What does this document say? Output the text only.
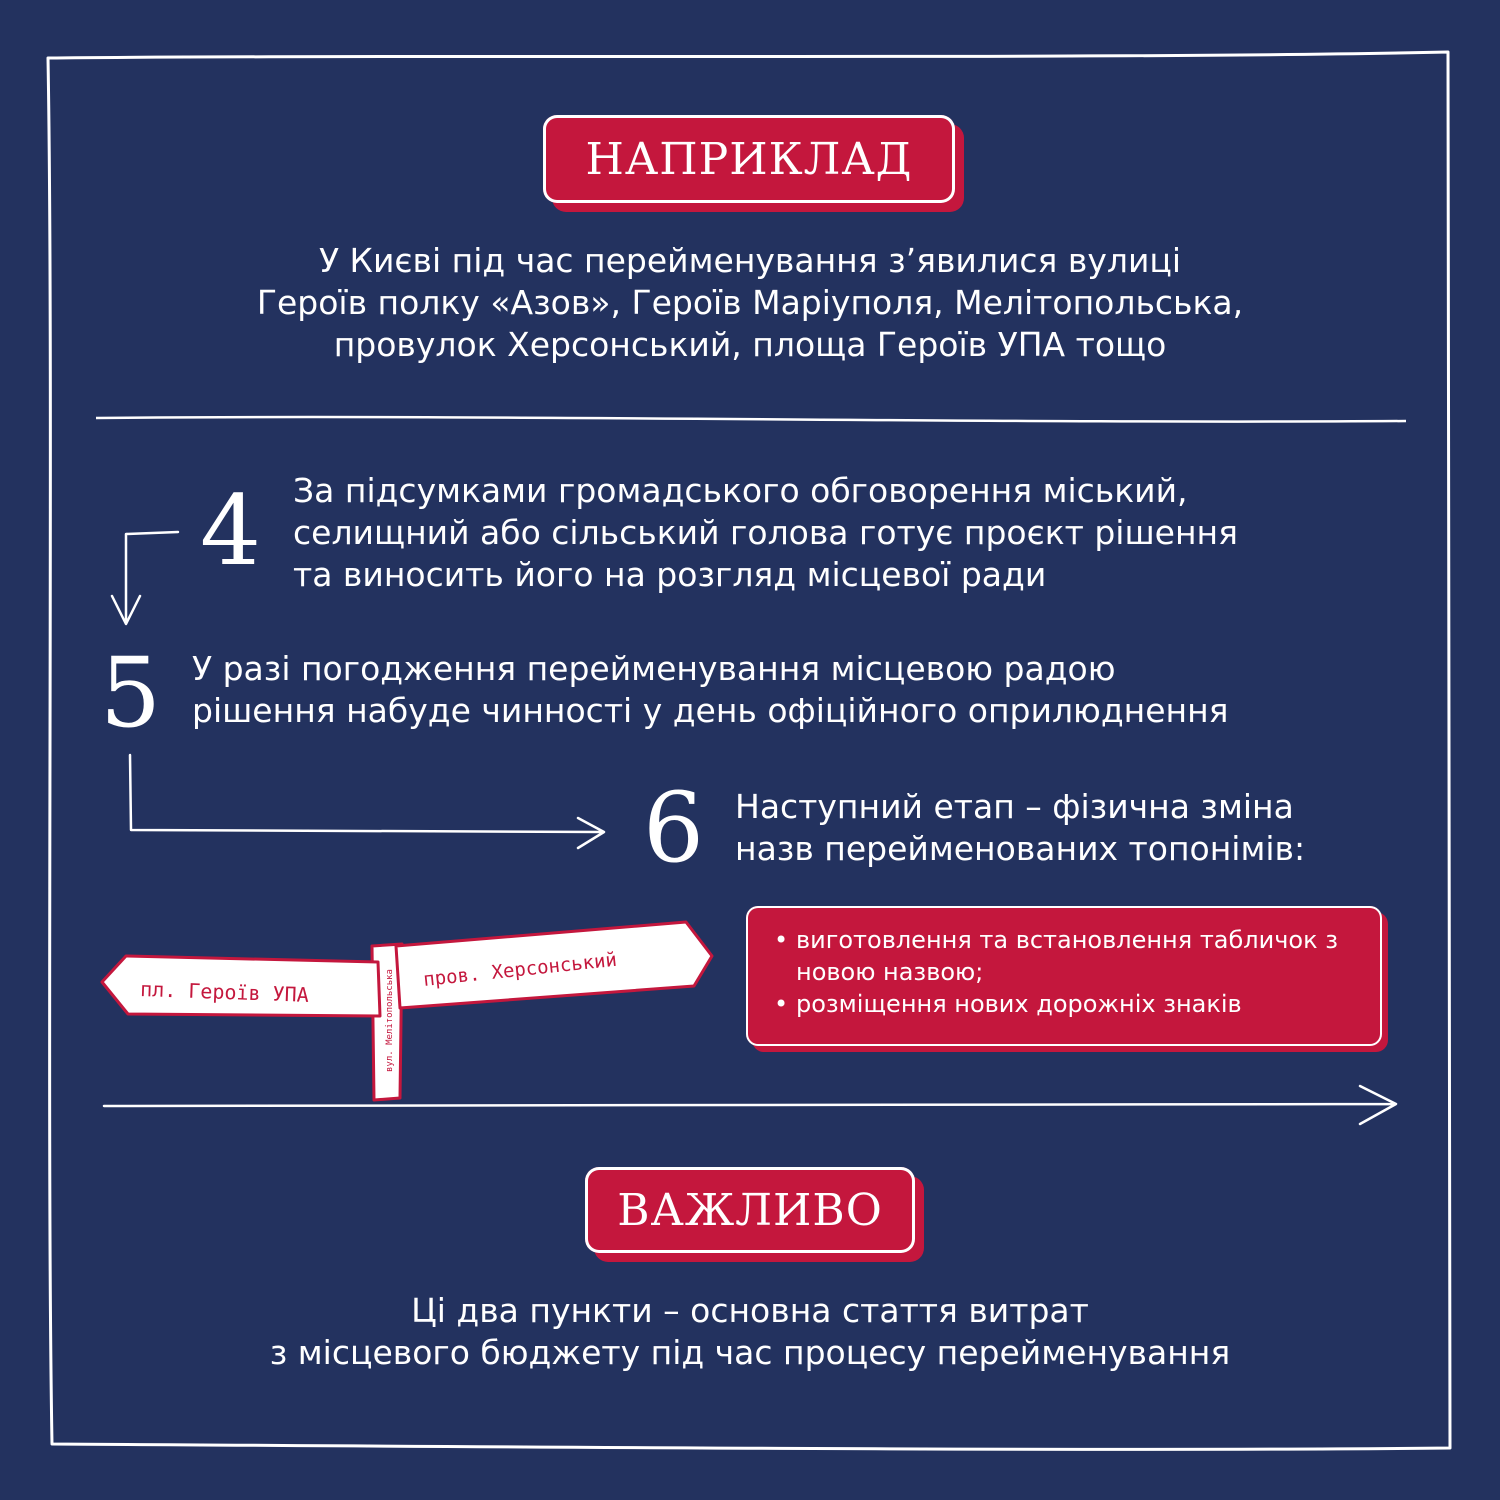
НАПРИКЛАД
У Києві під час перейменування з’явилися вулиці
Героїв полку «Азов», Героїв Маріуполя, Мелітопольська,
провулок Херсонський, площа Героїв УПА тощо
4 За підсумками громадського обговорення міський,
селищний або сільський голова готує проєкт рішення
та виносить його на розгляд місцевої ради
5 У разі погодження перейменування місцевою радою
рішення набуде чинності у день офіційного оприлюднення
6 Наступний етап – фізична зміна
назв перейменованих топонімів:
пл. Героїв УПА
пров. Херсонський
вул. Мелітопольська
• виготовлення та встановлення табличок з новою назвою;
• розміщення нових дорожніх знаків
ВАЖЛИВО
Ці два пункти – основна стаття витрат
з місцевого бюджету під час процесу перейменування
